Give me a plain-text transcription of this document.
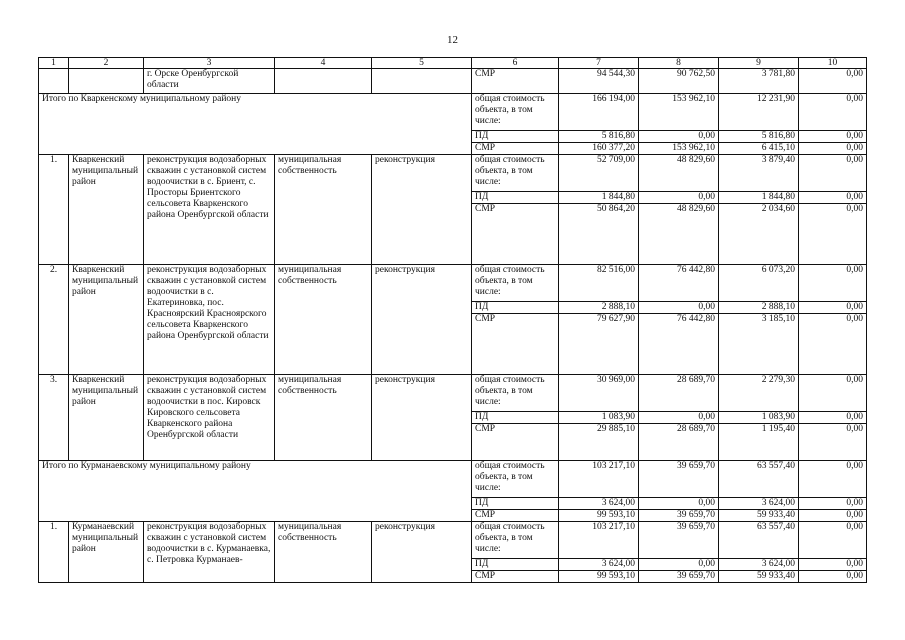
12
1	2	3	4	5	6	7	8	9	10
		г. Орске Оренбургской области			СМР	94 544,30	90 762,50	3 781,80	0,00
Итого по Кваркенскому муниципальному району					общая стоимость объекта, в том числе:	166 194,00	153 962,10	12 231,90	0,00
					ПД	5 816,80	0,00	5 816,80	0,00
					СМР	160 377,20	153 962,10	6 415,10	0,00
1.	Кваркенский муниципальный район	реконструкция водозаборных скважин с установкой систем водоочистки в с. Бриент, с. Просторы Бриентского сельсовета Кваркенского района Оренбургской области	муниципальная собственность	реконструкция	общая стоимость объекта, в том числе:	52 709,00	48 829,60	3 879,40	0,00
					ПД	1 844,80	0,00	1 844,80	0,00
					СМР	50 864,20	48 829,60	2 034,60	0,00
2.	Кваркенский муниципальный район	реконструкция водозаборных скважин с установкой систем водоочистки в с. Екатериновка, пос. Красноярский Красноярского сельсовета Кваркенского района Оренбургской области	муниципальная собственность	реконструкция	общая стоимость объекта, в том числе:	82 516,00	76 442,80	6 073,20	0,00
					ПД	2 888,10	0,00	2 888,10	0,00
					СМР	79 627,90	76 442,80	3 185,10	0,00
3.	Кваркенский муниципальный район	реконструкция водозаборных скважин с установкой систем водоочистки в пос. Кировск Кировского сельсовета Кваркенского района Оренбургской области	муниципальная собственность	реконструкция	общая стоимость объекта, в том числе:	30 969,00	28 689,70	2 279,30	0,00
					ПД	1 083,90	0,00	1 083,90	0,00
					СМР	29 885,10	28 689,70	1 195,40	0,00
Итого по Курманаевскому муниципальному району					общая стоимость объекта, в том числе:	103 217,10	39 659,70	63 557,40	0,00
					ПД	3 624,00	0,00	3 624,00	0,00
					СМР	99 593,10	39 659,70	59 933,40	0,00
1.	Курманаевский муниципальный район	реконструкция водозаборных скважин с установкой систем водоочистки в с. Курманаевка, с. Петровка Курманаев-	муниципальная собственность	реконструкция	общая стоимость объекта, в том числе:	103 217,10	39 659,70	63 557,40	0,00
					ПД	3 624,00	0,00	3 624,00	0,00
					СМР	99 593,10	39 659,70	59 933,40	0,00
